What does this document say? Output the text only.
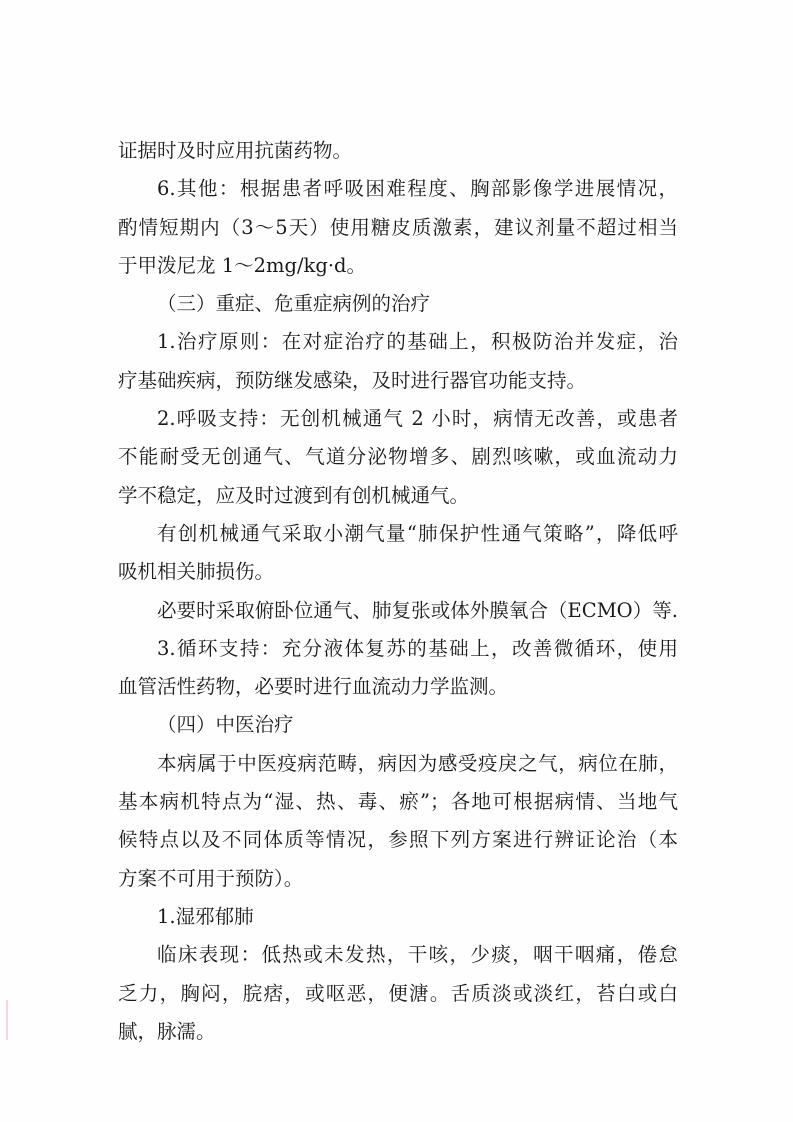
证据时及时应用抗菌药物。
6.其他：根据患者呼吸困难程度、胸部影像学进展情况，
酌情短期内（3～5天）使用糖皮质激素，建议剂量不超过相当
于甲泼尼龙 1～2mg/kg·d。
（三）重症、危重症病例的治疗
1.治疗原则：在对症治疗的基础上，积极防治并发症，治
疗基础疾病，预防继发感染，及时进行器官功能支持。
2.呼吸支持：无创机械通气 2 小时，病情无改善，或患者
不能耐受无创通气、气道分泌物增多、剧烈咳嗽，或血流动力
学不稳定，应及时过渡到有创机械通气。
有创机械通气采取小潮气量“肺保护性通气策略”，降低呼
吸机相关肺损伤。
必要时采取俯卧位通气、肺复张或体外膜氧合（ECMO）等.
3.循环支持：充分液体复苏的基础上，改善微循环，使用
血管活性药物，必要时进行血流动力学监测。
（四）中医治疗
本病属于中医疫病范畴，病因为感受疫戾之气，病位在肺，
基本病机特点为“湿、热、毒、瘀”；各地可根据病情、当地气
候特点以及不同体质等情况，参照下列方案进行辨证论治（本
方案不可用于预防）。
1.湿邪郁肺
临床表现：低热或未发热，干咳，少痰，咽干咽痛，倦怠
乏力，胸闷，脘痞，或呕恶，便溏。舌质淡或淡红，苔白或白
腻，脉濡。
